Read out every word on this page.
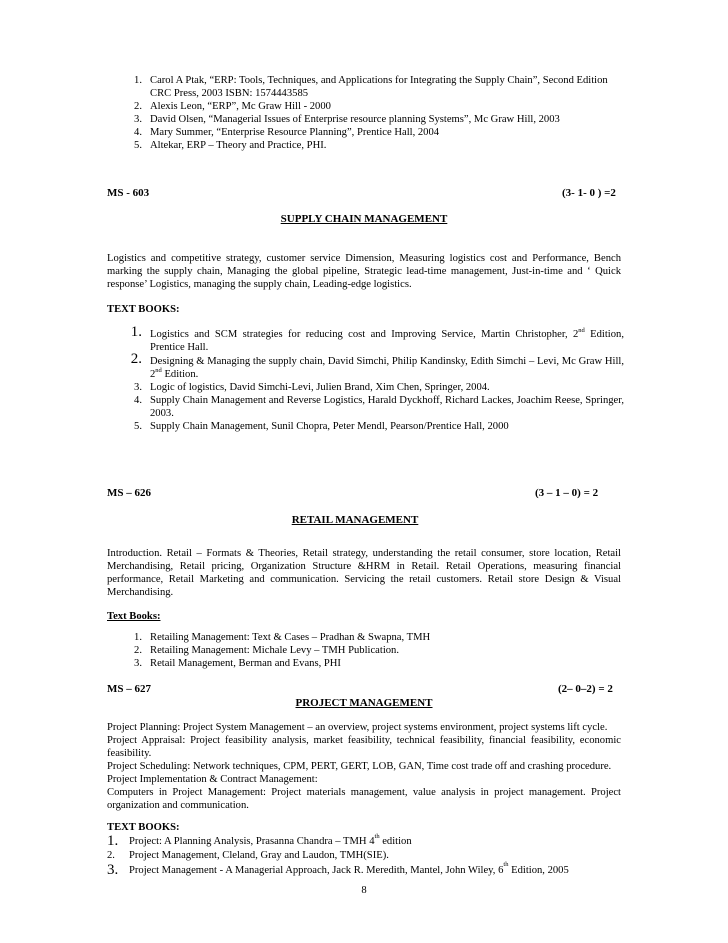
1. Carol A Ptak, “ERP: Tools, Techniques, and Applications for Integrating the Supply Chain”, Second Edition CRC Press, 2003 ISBN: 1574443585
2. Alexis Leon, “ERP”, Mc Graw Hill - 2000
3. David Olsen, “Managerial Issues of Enterprise resource planning Systems”, Mc Graw Hill, 2003
4. Mary Summer, “Enterprise Resource Planning”, Prentice Hall, 2004
5. Altekar, ERP – Theory and Practice, PHI.
MS - 603	(3- 1- 0 ) =2
SUPPLY CHAIN MANAGEMENT
Logistics and competitive strategy, customer service Dimension, Measuring logistics cost and Performance, Bench marking the supply chain, Managing the global pipeline, Strategic lead-time management, Just-in-time and ‘ Quick response’ Logistics, managing the supply chain, Leading-edge logistics.
TEXT BOOKS:
1. Logistics and SCM strategies for reducing cost and Improving Service, Martin Christopher, 2nd Edition, Prentice Hall.
2. Designing & Managing the supply chain, David Simchi, Philip Kandinsky, Edith Simchi – Levi, Mc Graw Hill, 2nd Edition.
3. Logic of logistics, David Simchi-Levi, Julien Brand, Xim Chen, Springer, 2004.
4. Supply Chain Management and Reverse Logistics, Harald Dyckhoff, Richard Lackes, Joachim Reese, Springer, 2003.
5. Supply Chain Management, Sunil Chopra, Peter Mendl, Pearson/Prentice Hall, 2000
MS – 626	(3 – 1 – 0) = 2
RETAIL MANAGEMENT
Introduction. Retail – Formats & Theories, Retail strategy, understanding the retail consumer, store location, Retail Merchandising, Retail pricing, Organization Structure &HRM in Retail. Retail Operations, measuring financial performance, Retail Marketing and communication. Servicing the retail customers. Retail store Design & Visual Merchandising.
Text Books:
1. Retailing Management: Text & Cases – Pradhan & Swapna, TMH
2. Retailing Management: Michale Levy – TMH Publication.
3. Retail Management, Berman and Evans, PHI
MS – 627	(2– 0–2) = 2
PROJECT MANAGEMENT
Project Planning: Project System Management – an overview, project systems environment, project systems lift cycle.
Project Appraisal: Project feasibility analysis, market feasibility, technical feasibility, financial feasibility, economic feasibility.
Project Scheduling: Network techniques, CPM, PERT, GERT, LOB, GAN, Time cost trade off and crashing procedure.
Project Implementation & Contract Management:
Computers in Project Management: Project materials management, value analysis in project management. Project organization and communication.
TEXT BOOKS:
1. Project: A Planning Analysis, Prasanna Chandra – TMH 4th edition
2. Project Management, Cleland, Gray and Laudon, TMH(SIE).
3. Project Management - A Managerial Approach, Jack R. Meredith, Mantel, John Wiley, 6th Edition, 2005
8
